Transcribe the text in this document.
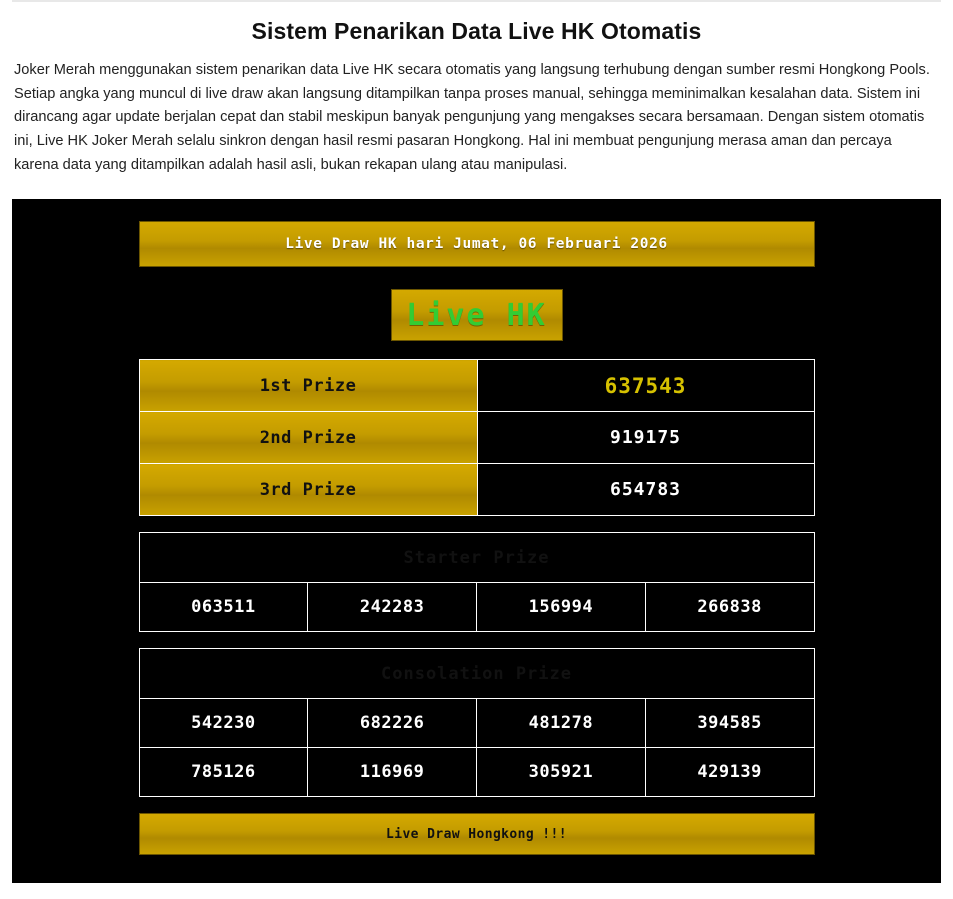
Sistem Penarikan Data Live HK Otomatis

Joker Merah menggunakan sistem penarikan data Live HK secara otomatis yang langsung terhubung dengan sumber resmi Hongkong Pools. Setiap angka yang muncul di live draw akan langsung ditampilkan tanpa proses manual, sehingga meminimalkan kesalahan data. Sistem ini dirancang agar update berjalan cepat dan stabil meskipun banyak pengunjung yang mengakses secara bersamaan. Dengan sistem otomatis ini, Live HK Joker Merah selalu sinkron dengan hasil resmi pasaran Hongkong. Hal ini membuat pengunjung merasa aman dan percaya karena data yang ditampilkan adalah hasil asli, bukan rekapan ulang atau manipulasi.

Live Draw HK hari Jumat, 06 Februari 2026
Live HK
1st Prize	637543
2nd Prize	919175
3rd Prize	654783
Starter Prize
063511	242283	156994	266838
Consolation Prize			
542230	682226	481278	394585
785126	116969	305921	429139
Live Draw Hongkong !!!
